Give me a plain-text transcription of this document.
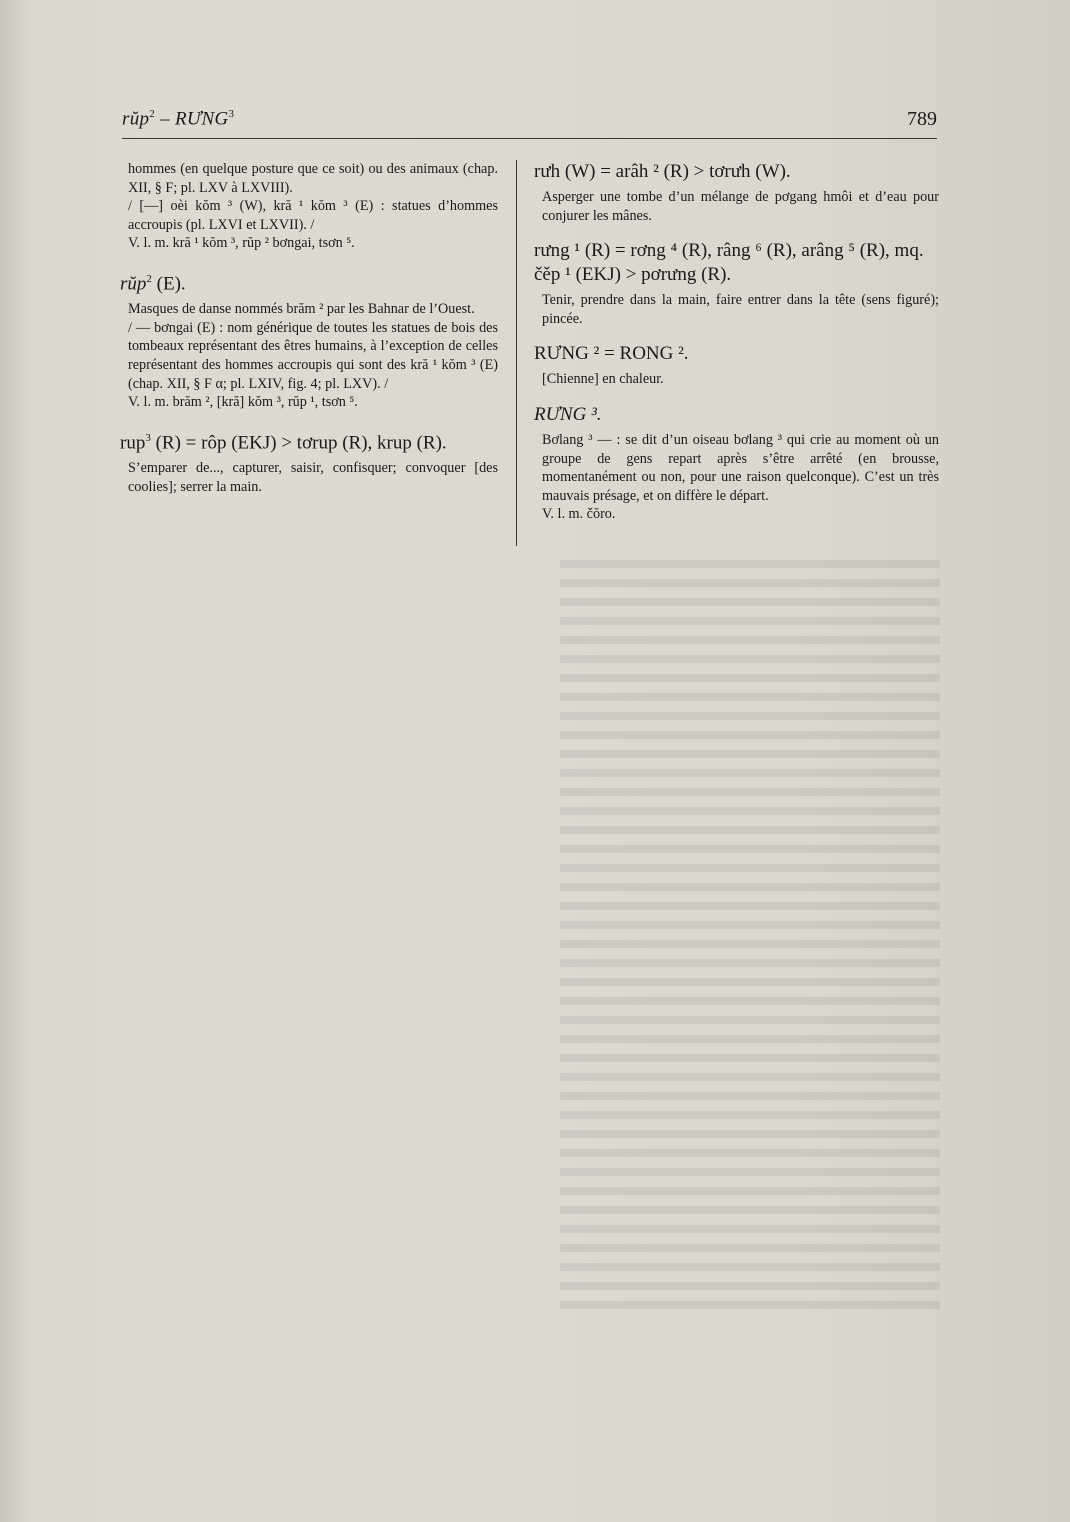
rŭp$^2$ – RƯNG$^3$	789

hommes (en quelque posture que ce soit) ou des animaux (chap. XII, § F; pl. LXV à LXVIII).

/ [—] oèi kŏm ³ (W), kră ¹ kŏm ³ (E) : statues d’hommes accroupis (pl. LXVI et LXVII). /

V. l. m. kră ¹ kŏm ³, rŭp ² bơngai, tsơn ⁵.

rŭp$^2$ (E).

Masques de danse nommés brăm ² par les Bahnar de l’Ouest.

/ — bơngai (E) : nom générique de toutes les statues de bois des tombeaux représentant des êtres humains, à l’exception de celles représentant des hommes accroupis qui sont des kră ¹ kŏm ³ (E) (chap. XII, § F α; pl. LXIV, fig. 4; pl. LXV). /

V. l. m. brăm ², [kră] kŏm ³, rŭp ¹, tsơn ⁵.

rup$^3$ (R) = rôp (EKJ) > tơrup (R), krup (R).

S’emparer de..., capturer, saisir, confisquer; convoquer [des coolies]; serrer la main.

rưh (W) = arâh ² (R) > tơrưh (W).

Asperger une tombe d’un mélange de pơgang hmôi et d’eau pour conjurer les mânes.

rưng ¹ (R) = rơng ⁴ (R), râng ⁶ (R), arâng ⁵ (R), mq. čěp ¹ (EKJ) > pơrưng (R).

Tenir, prendre dans la main, faire entrer dans la tête (sens figuré); pincée.

RƯNG ² = RONG ².

[Chienne] en chaleur.

RƯNG ³.

Bơlang ³ — : se dit d’un oiseau bơlang ³ qui crie au moment où un groupe de gens repart après s’être arrêté (en brousse, momentanément ou non, pour une raison quelconque). C’est un très mauvais présage, et on diffère le départ.

V. l. m. čŏro.
